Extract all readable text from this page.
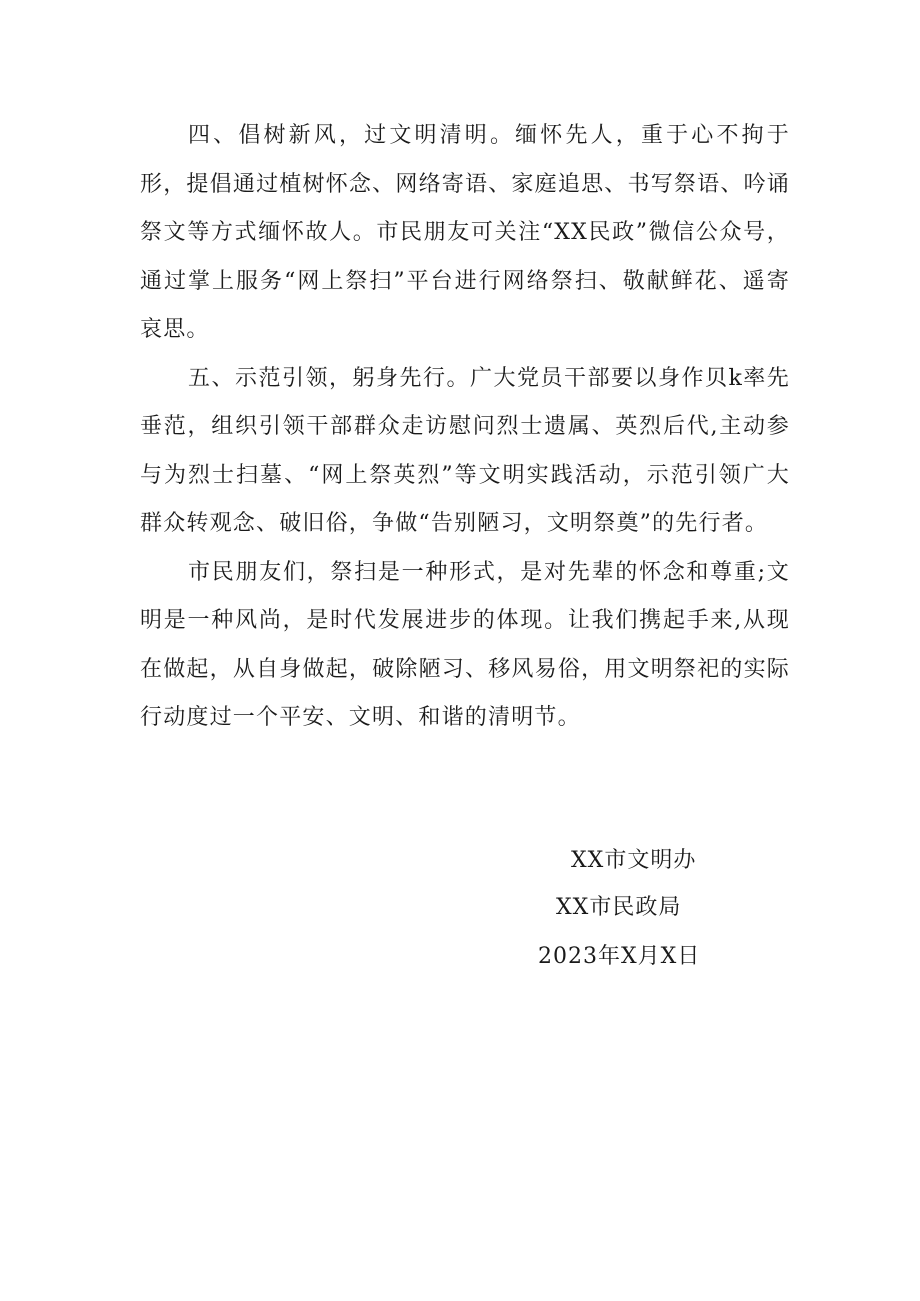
四、倡树新风，过文明清明。缅怀先人，重于心不拘于形，提倡通过植树怀念、网络寄语、家庭追思、书写祭语、吟诵祭文等方式缅怀故人。市民朋友可关注“XX民政”微信公众号，通过掌上服务“网上祭扫”平台进行网络祭扫、敬献鲜花、遥寄哀思。

五、示范引领，躬身先行。广大党员干部要以身作贝k率先垂范，组织引领干部群众走访慰问烈士遗属、英烈后代,主动参与为烈士扫墓、“网上祭英烈”等文明实践活动，示范引领广大群众转观念、破旧俗，争做“告别陋习，文明祭奠”的先行者。

市民朋友们，祭扫是一种形式，是对先辈的怀念和尊重;文明是一种风尚，是时代发展进步的体现。让我们携起手来,从现在做起，从自身做起，破除陋习、移风易俗，用文明祭祀的实际行动度过一个平安、文明、和谐的清明节。

XX市文明办
XX市民政局
2023年X月X日
